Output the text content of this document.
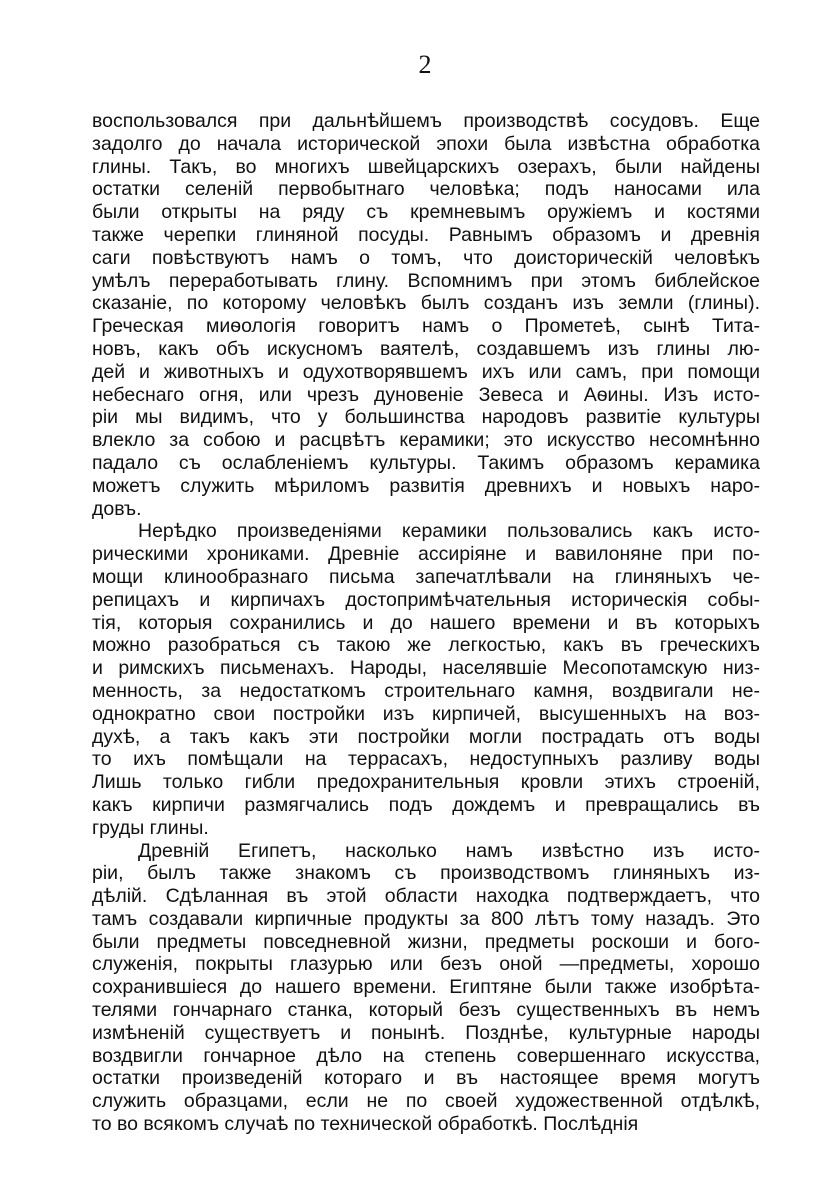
2
воспользовался при дальнѣйшемъ производствѣ сосудовъ. Еще
задолго до начала исторической эпохи была извѣстна обработка
глины. Такъ, во многихъ швейцарскихъ озерахъ, были найдены
остатки селеній первобытнаго человѣка; подъ наносами ила
были открыты на ряду съ кремневымъ оружіемъ и костями
также черепки глиняной посуды. Равнымъ образомъ и древнія
саги повѣствуютъ намъ о томъ, что доисторическій человѣкъ
умѣлъ переработывать глину. Вспомнимъ при этомъ библейское
сказаніе, по которому человѣкъ былъ созданъ изъ земли (глины).
Греческая миѳологія говоритъ намъ о Прометеѣ, сынѣ Тита-
новъ, какъ объ искусномъ ваятелѣ, создавшемъ изъ глины лю-
дей и животныхъ и одухотворявшемъ ихъ или самъ, при помощи
небеснаго огня, или чрезъ дуновеніе Зевеса и Аѳины. Изъ исто-
ріи мы видимъ, что у большинства народовъ развитіе культуры
влекло за собою и расцвѣтъ керамики; это искусство несомнѣнно
падало съ ослабленіемъ культуры. Такимъ образомъ керамика
можетъ служить мѣриломъ развитія древнихъ и новыхъ наро-
довъ.
Нерѣдко произведеніями керамики пользовались какъ исто-
рическими хрониками. Древніе ассиріяне и вавилоняне при по-
мощи клинообразнаго письма запечатлѣвали на глиняныхъ че-
репицахъ и кирпичахъ достопримѣчательныя историческія собы-
тія, которыя сохранились и до нашего времени и въ которыхъ
можно разобраться съ такою же легкостью, какъ въ греческихъ
и римскихъ письменахъ. Народы, населявшіе Месопотамскую низ-
менность, за недостаткомъ строительнаго камня, воздвигали не-
однократно свои постройки изъ кирпичей, высушенныхъ на воз-
духѣ, а такъ какъ эти постройки могли пострадать отъ воды
то ихъ помѣщали на террасахъ, недоступныхъ разливу воды
Лишь только гибли предохранительныя кровли этихъ строеній,
какъ кирпичи размягчались подъ дождемъ и превращались въ
груды глины.
Древній Египетъ, насколько намъ извѣстно изъ исто-
ріи, былъ также знакомъ съ производствомъ глиняныхъ из-
дѣлій. Сдѣланная въ этой области находка подтверждаетъ, что
тамъ создавали кирпичные продукты за 800 лѣтъ тому назадъ. Это
были предметы повседневной жизни, предметы роскоши и бого-
служенія, покрыты глазурью или безъ оной —предметы, хорошо
сохранившіеся до нашего времени. Египтяне были также изобрѣта-
телями гончарнаго станка, который безъ существенныхъ въ немъ
измѣненій существуетъ и понынѣ. Позднѣе, культурные народы
воздвигли гончарное дѣло на степень совершеннаго искусства,
остатки произведеній котораго и въ настоящее время могутъ
служить образцами, если не по своей художественной отдѣлкѣ,
то во всякомъ случаѣ по технической обработкѣ. Послѣднія
